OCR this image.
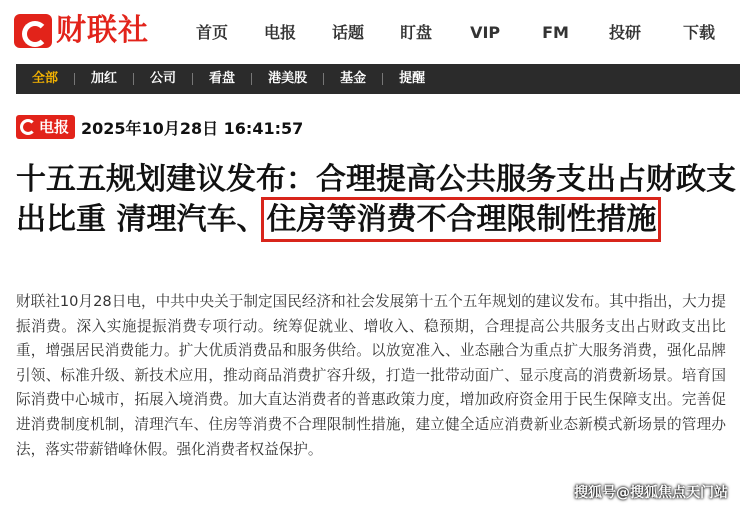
财联社	首页 电报 话题 盯盘 VIP	FM	投研	下载
全部	加红	公司	看盘	港美股	基金	提醒
电报 2025年10月28日 16:41:57
十五五规划建议发布：合理提高公共服务支出占财政支出比重 清理汽车、住房等消费不合理限制性措施

财联社10月28日电，中共中央关于制定国民经济和社会发展第十五个五年规划的建议发布。其中指出，大力提振消费。深入实施提振消费专项行动。统筹促就业、增收入、稳预期，合理提高公共服务支出占财政支出比重，增强居民消费能力。扩大优质消费品和服务供给。以放宽准入、业态融合为重点扩大服务消费，强化品牌引领、标准升级、新技术应用，推动商品消费扩容升级，打造一批带动面广、显示度高的消费新场景。培育国际消费中心城市，拓展入境消费。加大直达消费者的普惠政策力度，增加政府资金用于民生保障支出。完善促进消费制度机制，清理汽车、住房等消费不合理限制性措施，建立健全适应消费新业态新模式新场景的管理办法，落实带薪错峰休假。强化消费者权益保护。

搜狐号@搜狐焦点天门站
